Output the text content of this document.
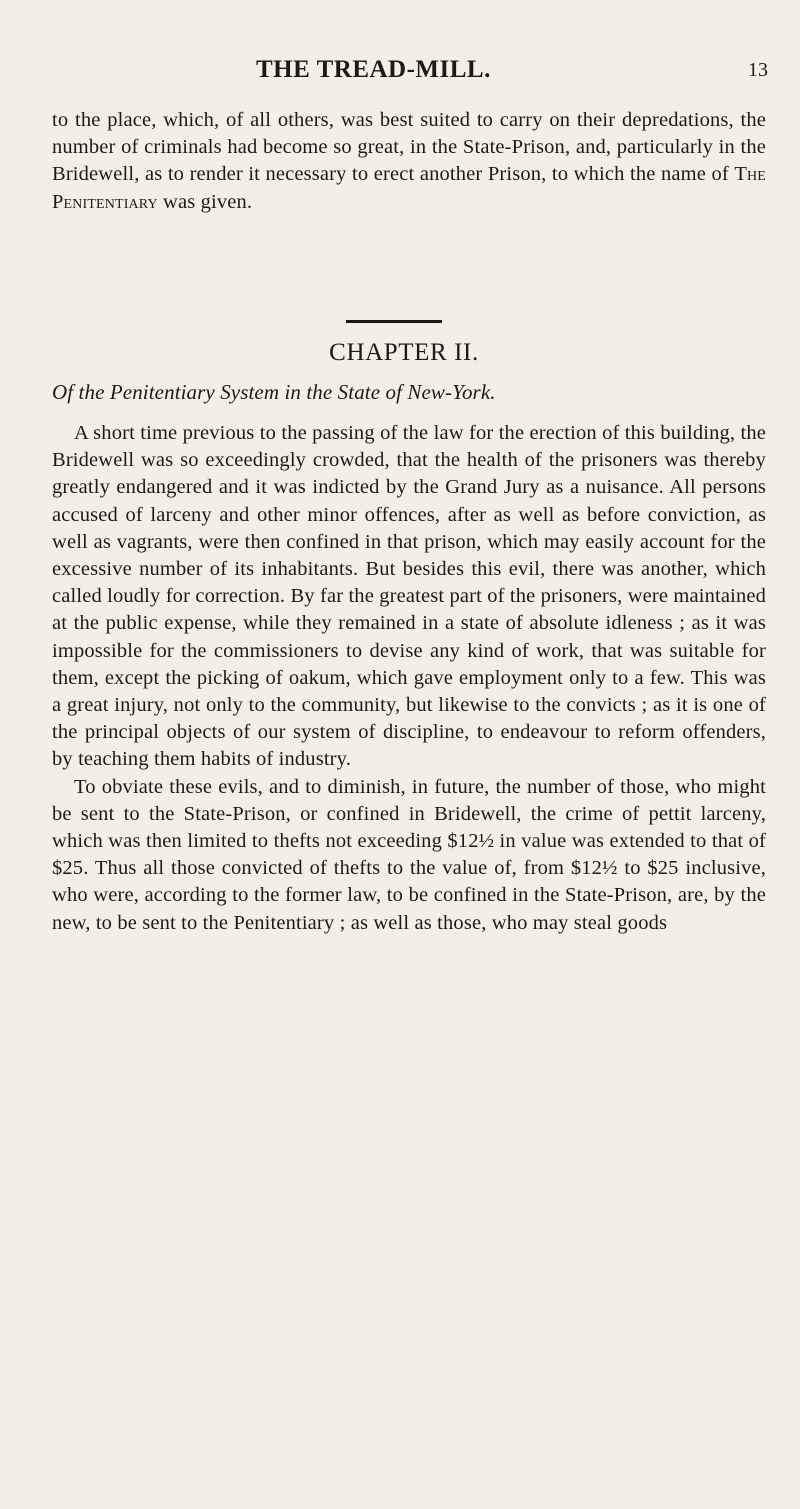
THE TREAD-MILL.	13

to the place, which, of all others, was best suited to carry on their depredations, the number of criminals had become so great, in the State-Prison, and, particularly in the Bridewell, as to render it necessary to erect another Prison, to which the name of The Penitentiary was given.

CHAPTER II.
Of the Penitentiary System in the State of New-York.

A short time previous to the passing of the law for the erection of this building, the Bridewell was so exceedingly crowded, that the health of the prisoners was thereby greatly endangered and it was indicted by the Grand Jury as a nuisance. All persons accused of larceny and other minor offences, after as well as before conviction, as well as vagrants, were then confined in that prison, which may easily account for the excessive number of its inhabitants. But besides this evil, there was another, which called loudly for correction. By far the greatest part of the prisoners, were maintained at the public expense, while they remained in a state of absolute idleness ; as it was impossible for the commissioners to devise any kind of work, that was suitable for them, except the picking of oakum, which gave employment only to a few. This was a great injury, not only to the community, but likewise to the convicts ; as it is one of the principal objects of our system of discipline, to endeavour to reform offenders, by teaching them habits of industry.

To obviate these evils, and to diminish, in future, the number of those, who might be sent to the State-Prison, or confined in Bridewell, the crime of pettit larceny, which was then limited to thefts not exceeding $12½ in value was extended to that of $25. Thus all those convicted of thefts to the value of, from $12½ to $25 inclusive, who were, according to the former law, to be confined in the State-Prison, are, by the new, to be sent to the Penitentiary ; as well as those, who may steal goods
